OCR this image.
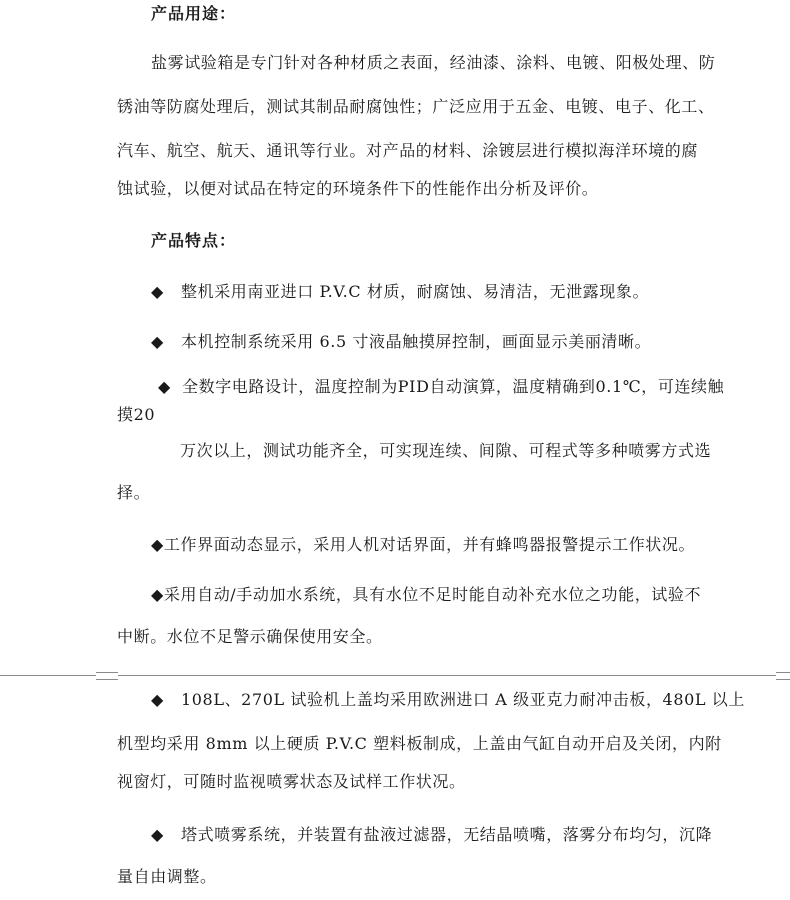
产品用途：
盐雾试验箱是专门针对各种材质之表面，经油漆、涂料、电镀、阳极处理、防
锈油等防腐处理后，测试其制品耐腐蚀性；广泛应用于五金、电镀、电子、化工、
汽车、航空、航天、通讯等行业。对产品的材料、涂镀层进行模拟海洋环境的腐
蚀试验，以便对试品在特定的环境条件下的性能作出分析及评价。
产品特点：
◆ 整机采用南亚进口 P.V.C 材质，耐腐蚀、易清洁，无泄露现象。
◆ 本机控制系统采用 6.5 寸液晶触摸屏控制，画面显示美丽清晰。
◆ 全数字电路设计，温度控制为PID自动演算，温度精确到0.1℃，可连续触
摸20
万次以上，测试功能齐全，可实现连续、间隙、可程式等多种喷雾方式选
择。
◆工作界面动态显示，采用人机对话界面，并有蜂鸣器报警提示工作状况。
◆采用自动/手动加水系统，具有水位不足时能自动补充水位之功能，试验不
中断。水位不足警示确保使用安全。
◆ 108L、270L 试验机上盖均采用欧洲进口 A 级亚克力耐冲击板，480L 以上
机型均采用 8mm 以上硬质 P.V.C 塑料板制成，上盖由气缸自动开启及关闭，内附
视窗灯，可随时监视喷雾状态及试样工作状况。
◆ 塔式喷雾系统，并装置有盐液过滤器，无结晶喷嘴，落雾分布均匀，沉降
量自由调整。
